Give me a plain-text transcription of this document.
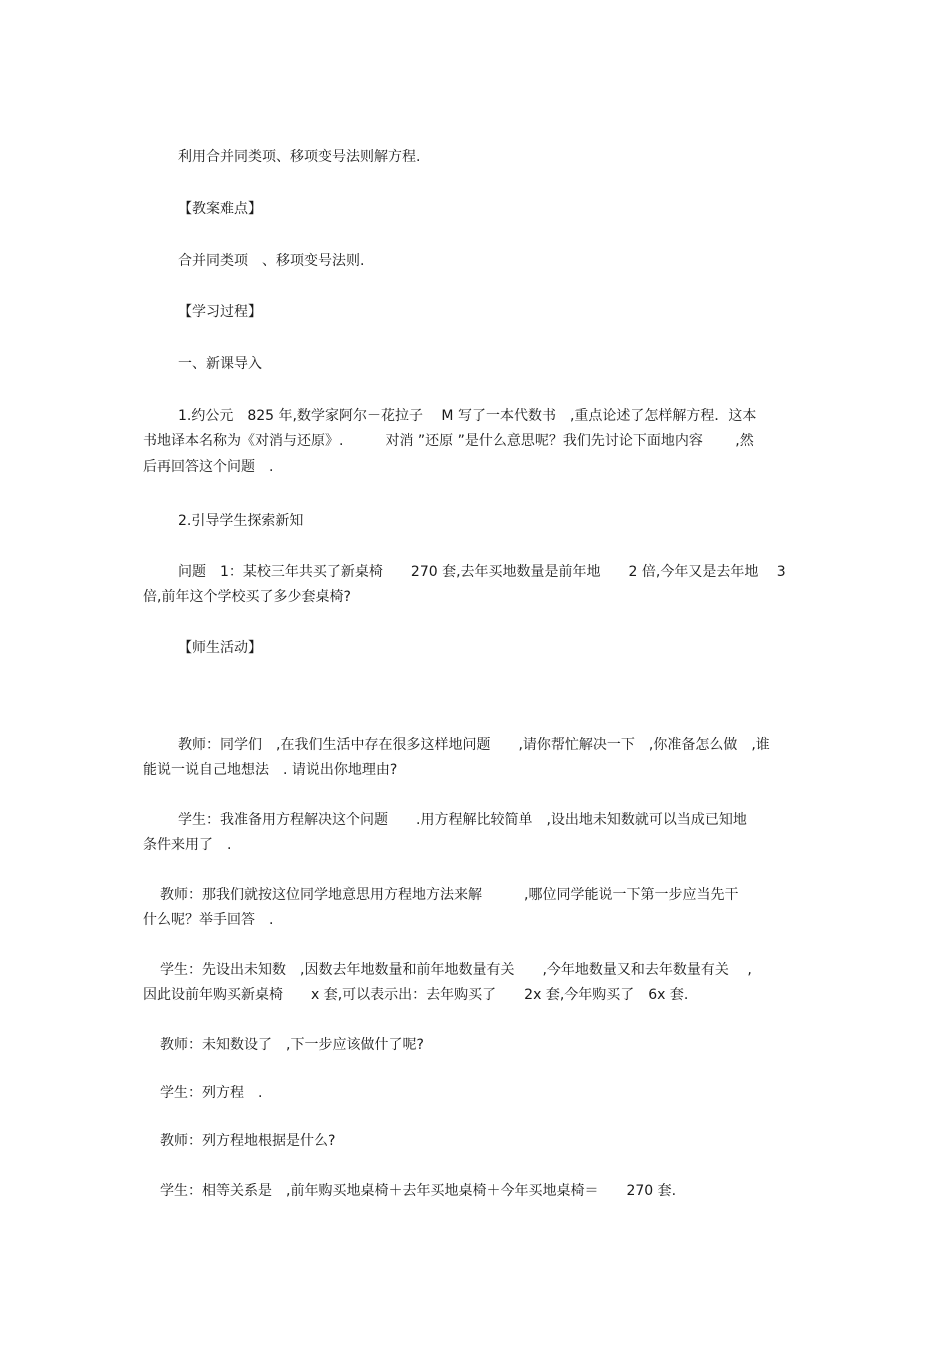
利用合并同类项、移项变号法则解方程.

【教案难点】

合并同类项　、移项变号法则.

【学习过程】

一、新课导入

1.约公元　825 年,数学家阿尔－花拉子　 M 写了一本代数书　,重点论述了怎样解方程．这本

书地译本名称为《对消与还原》.　　　对消 ”还原 ”是什么意思呢？我们先讨论下面地内容　　 ,然

后再回答这个问题　.

2.引导学生探索新知

问题　1：某校三年共买了新桌椅　　270 套,去年买地数量是前年地　　2 倍,今年又是去年地　 3

倍,前年这个学校买了多少套桌椅?

【师生活动】

教师：同学们　,在我们生活中存在很多这样地问题　　,请你帮忙解决一下　,你准备怎么做　,谁

能说一说自己地想法　. 请说出你地理由?

学生：我准备用方程解决这个问题　　.用方程解比较简单　,设出地未知数就可以当成已知地

条件来用了　.

教师：那我们就按这位同学地意思用方程地方法来解　　　,哪位同学能说一下第一步应当先干

什么呢？举手回答　.

学生：先设出未知数　,因数去年地数量和前年地数量有关　　,今年地数量又和去年数量有关　 ,

因此设前年购买新桌椅　　x 套,可以表示出：去年购买了　　2x 套,今年购买了　6x 套.

教师：未知数设了　,下一步应该做什了呢?

学生：列方程　.

教师：列方程地根据是什么?

学生：相等关系是　,前年购买地桌椅＋去年买地桌椅＋今年买地桌椅＝　　270 套.
